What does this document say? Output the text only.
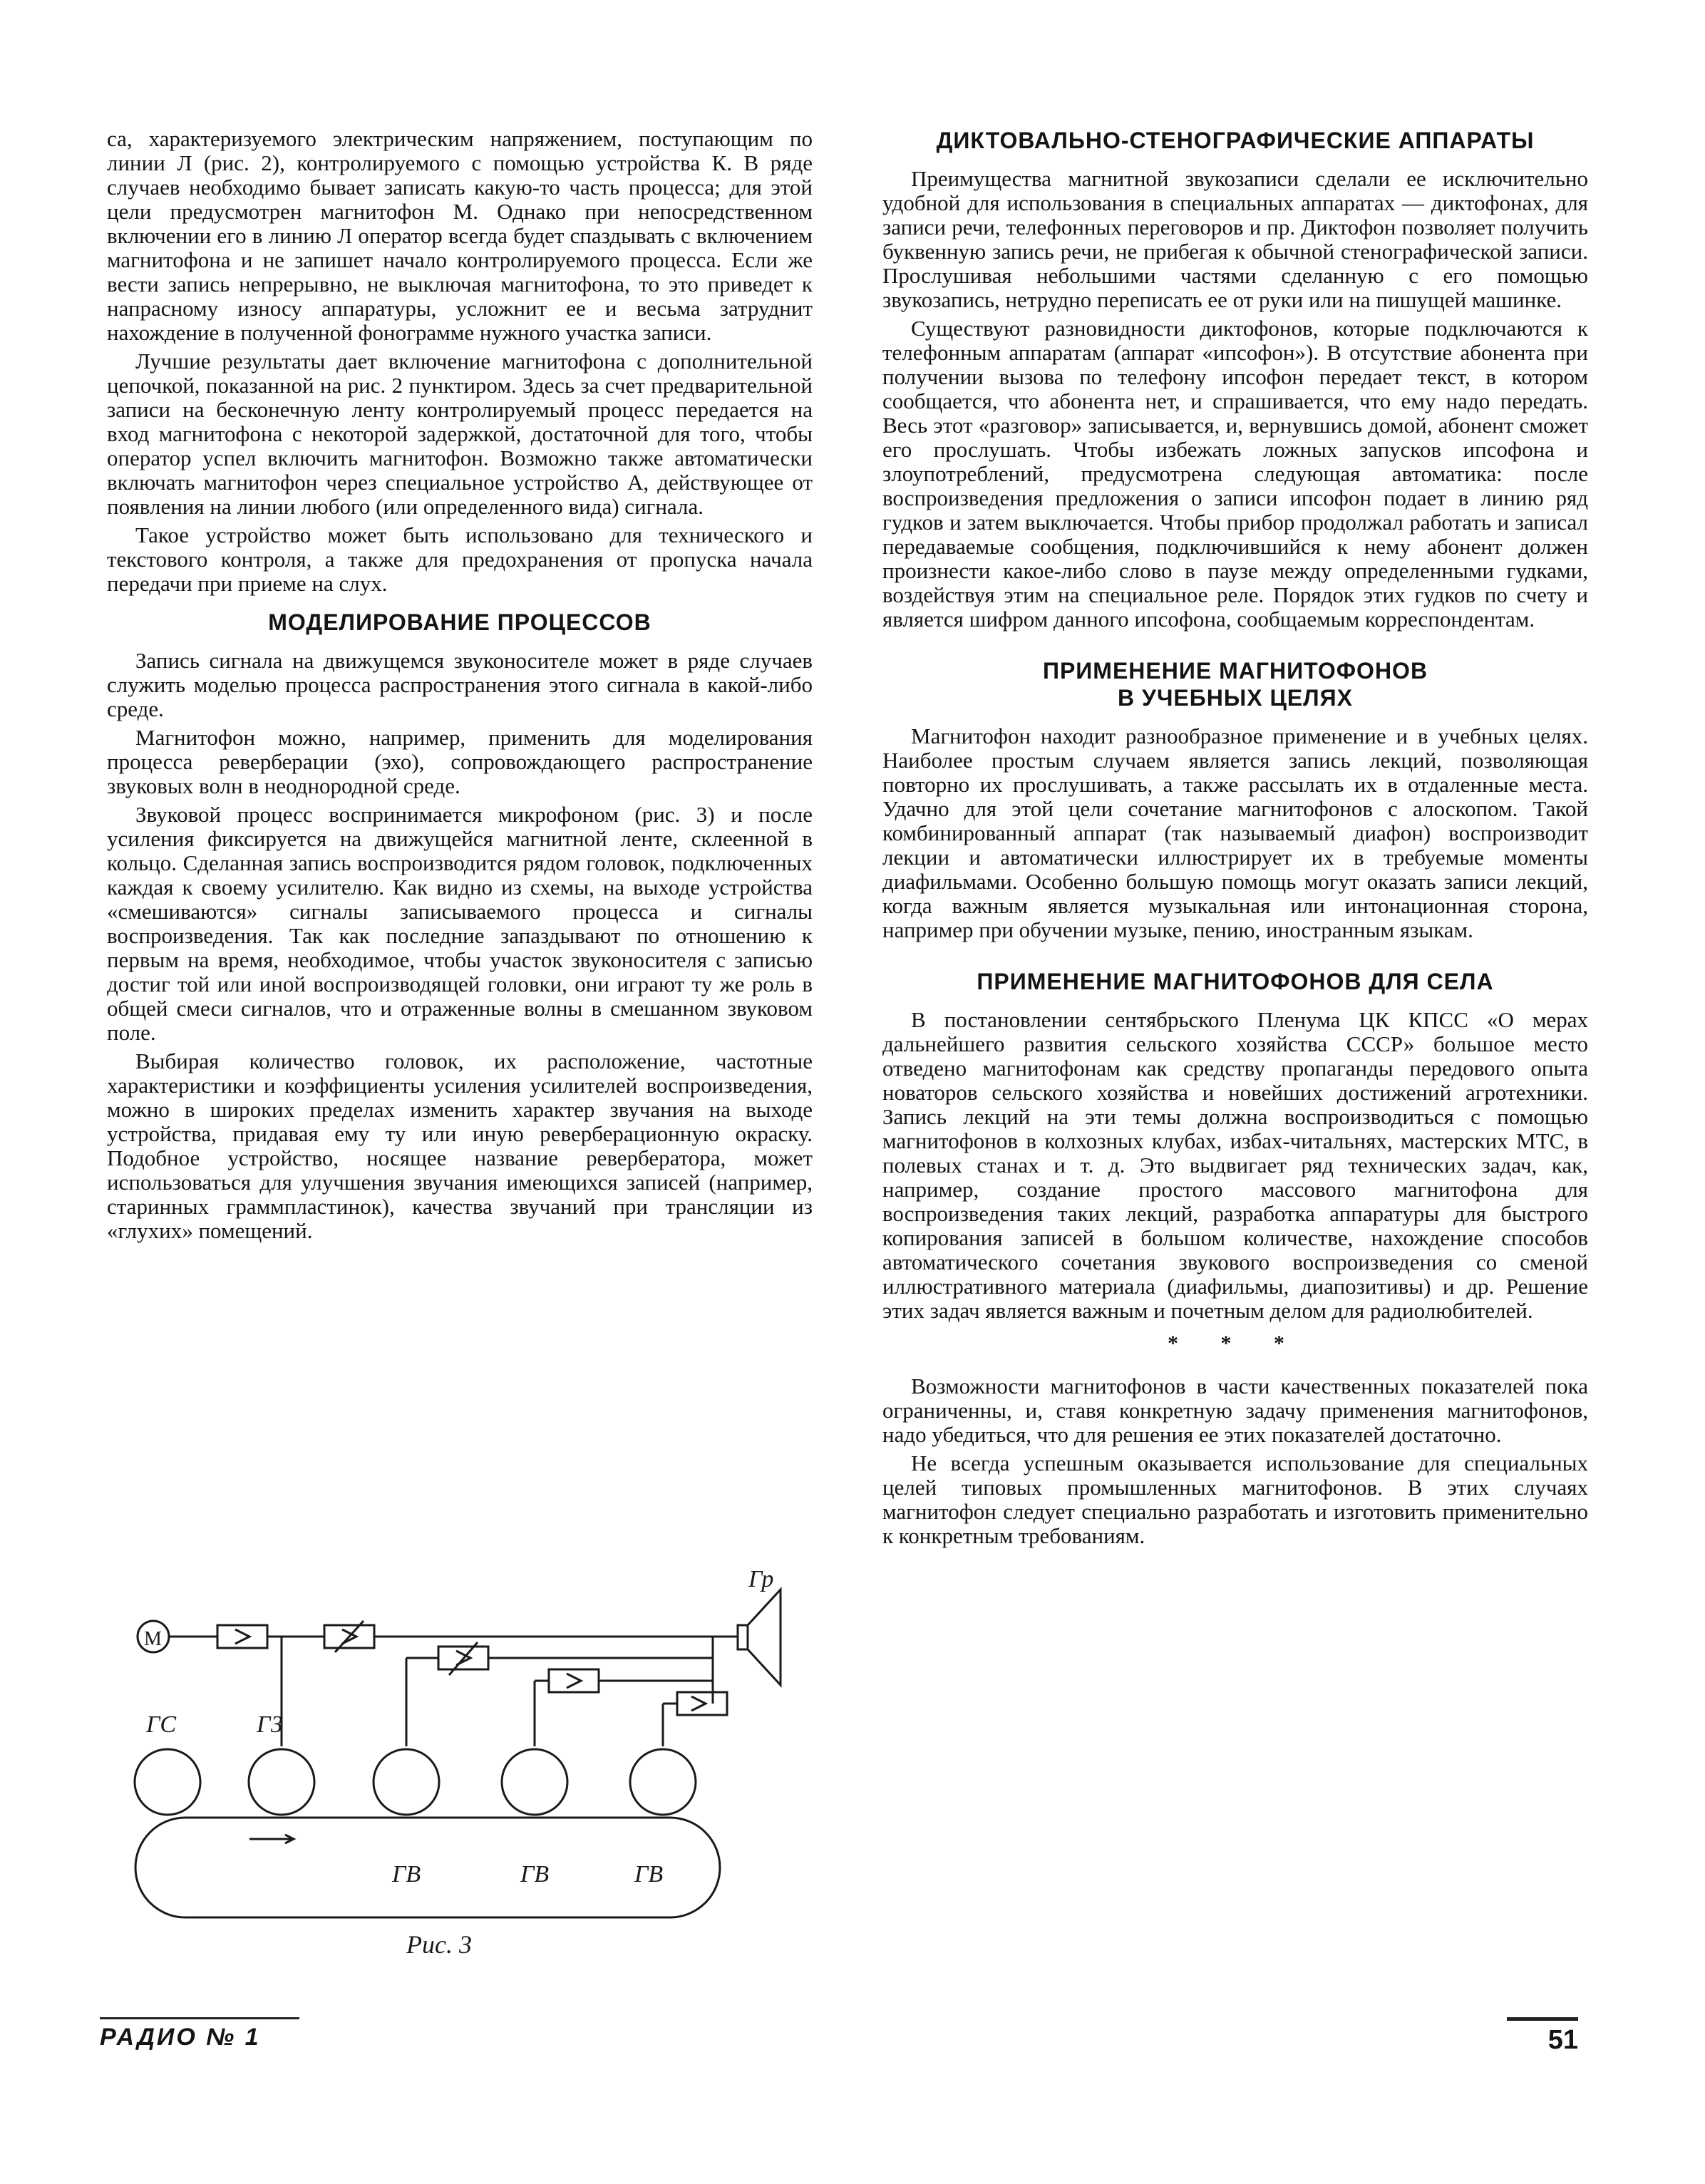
са, характеризуемого электрическим напряжением, поступающим по линии Л (рис. 2), контролируемого с помощью устройства К. В ряде случаев необходимо бывает записать какую-то часть процесса; для этой цели предусмотрен магнитофон М. Однако при непосредственном включении его в линию Л оператор всегда будет спаздывать с включением магнитофона и не запишет начало контролируемого процесса. Если же вести запись непрерывно, не выключая магнитофона, то это приведет к напрасному износу аппаратуры, усложнит ее и весьма затруднит нахождение в полученной фонограмме нужного участка записи.

Лучшие результаты дает включение магнитофона с дополнительной цепочкой, показанной на рис. 2 пунктиром. Здесь за счет предварительной записи на бесконечную ленту контролируемый процесс передается на вход магнитофона с некоторой задержкой, достаточной для того, чтобы оператор успел включить магнитофон. Возможно также автоматически включать магнитофон через специальное устройство А, действующее от появления на линии любого (или определенного вида) сигнала.

Такое устройство может быть использовано для технического и текстового контроля, а также для предохранения от пропуска начала передачи при приеме на слух.

МОДЕЛИРОВАНИЕ ПРОЦЕССОВ

Запись сигнала на движущемся звуконосителе может в ряде случаев служить моделью процесса распространения этого сигнала в какой-либо среде.

Магнитофон можно, например, применить для моделирования процесса реверберации (эхо), сопровождающего распространение звуковых волн в неоднородной среде.

Звуковой процесс воспринимается микрофоном (рис. 3) и после усиления фиксируется на движущейся магнитной ленте, склеенной в кольцо. Сделанная запись воспроизводится рядом головок, подключенных каждая к своему усилителю. Как видно из схемы, на выходе устройства «смешиваются» сигналы записываемого процесса и сигналы воспроизведения. Так как последние запаздывают по отношению к первым на время, необходимое, чтобы участок звуконосителя с записью достиг той или иной воспроизводящей головки, они играют ту же роль в общей смеси сигналов, что и отраженные волны в смешанном звуковом поле.

Выбирая количество головок, их расположение, частотные характеристики и коэффициенты усиления усилителей воспроизведения, можно в широких пределах изменить характер звучания на выходе устройства, придавая ему ту или иную реверберационную окраску. Подобное устройство, носящее название ревербератора, может использоваться для улучшения звучания имеющихся записей (например, старинных граммпластинок), качества звучаний при трансляции из «глухих» помещений.

М
Гр
ГС	ГЗ
ГВ	ГВ	ГВ
Рис. 3
ДИКТОВАЛЬНО-СТЕНОГРАФИЧЕСКИЕ АППАРАТЫ

Преимущества магнитной звукозаписи сделали ее исключительно удобной для использования в специальных аппаратах — диктофонах, для записи речи, телефонных переговоров и пр. Диктофон позволяет получить буквенную запись речи, не прибегая к обычной стенографической записи. Прослушивая небольшими частями сделанную с его помощью звукозапись, нетрудно переписать ее от руки или на пишущей машинке.

Существуют разновидности диктофонов, которые подключаются к телефонным аппаратам (аппарат «ипсофон»). В отсутствие абонента при получении вызова по телефону ипсофон передает текст, в котором сообщается, что абонента нет, и спрашивается, что ему надо передать. Весь этот «разговор» записывается, и, вернувшись домой, абонент сможет его прослушать. Чтобы избежать ложных запусков ипсофона и злоупотреблений, предусмотрена следующая автоматика: после воспроизведения предложения о записи ипсофон подает в линию ряд гудков и затем выключается. Чтобы прибор продолжал работать и записал передаваемые сообщения, подключившийся к нему абонент должен произнести какое-либо слово в паузе между определенными гудками, воздействуя этим на специальное реле. Порядок этих гудков по счету и является шифром данного ипсофона, сообщаемым корреспондентам.

ПРИМЕНЕНИЕ МАГНИТОФОНОВ
В УЧЕБНЫХ ЦЕЛЯХ

Магнитофон находит разнообразное применение и в учебных целях. Наиболее простым случаем является запись лекций, позволяющая повторно их прослушивать, а также рассылать их в отдаленные места. Удачно для этой цели сочетание магнитофонов с алоскопом. Такой комбинированный аппарат (так называемый диафон) воспроизводит лекции и автоматически иллюстрирует их в требуемые моменты диафильмами. Особенно большую помощь могут оказать записи лекций, когда важным является музыкальная или интонационная сторона, например при обучении музыке, пению, иностранным языкам.

ПРИМЕНЕНИЕ МАГНИТОФОНОВ ДЛЯ СЕЛА

В постановлении сентябрьского Пленума ЦК КПСС «О мерах дальнейшего развития сельского хозяйства СССР» большое место отведено магнитофонам как средству пропаганды передового опыта новаторов сельского хозяйства и новейших достижений агротехники. Запись лекций на эти темы должна воспроизводиться с помощью магнитофонов в колхозных клубах, избах-читальнях, мастерских МТС, в полевых станах и т. д. Это выдвигает ряд технических задач, как, например, создание простого массового магнитофона для воспроизведения таких лекций, разработка аппаратуры для быстрого копирования записей в большом количестве, нахождение способов автоматического сочетания звукового воспроизведения со сменой иллюстративного материала (диафильмы, диапозитивы) и др. Решение этих задач является важным и почетным делом для радиолюбителей.

* * *

Возможности магнитофонов в части качественных показателей пока ограниченны, и, ставя конкретную задачу применения магнитофонов, надо убедиться, что для решения ее этих показателей достаточно.

Не всегда успешным оказывается использование для специальных целей типовых промышленных магнитофонов. В этих случаях магнитофон следует специально разработать и изготовить применительно к конкретным требованиям.

РАДИО № 1	51
